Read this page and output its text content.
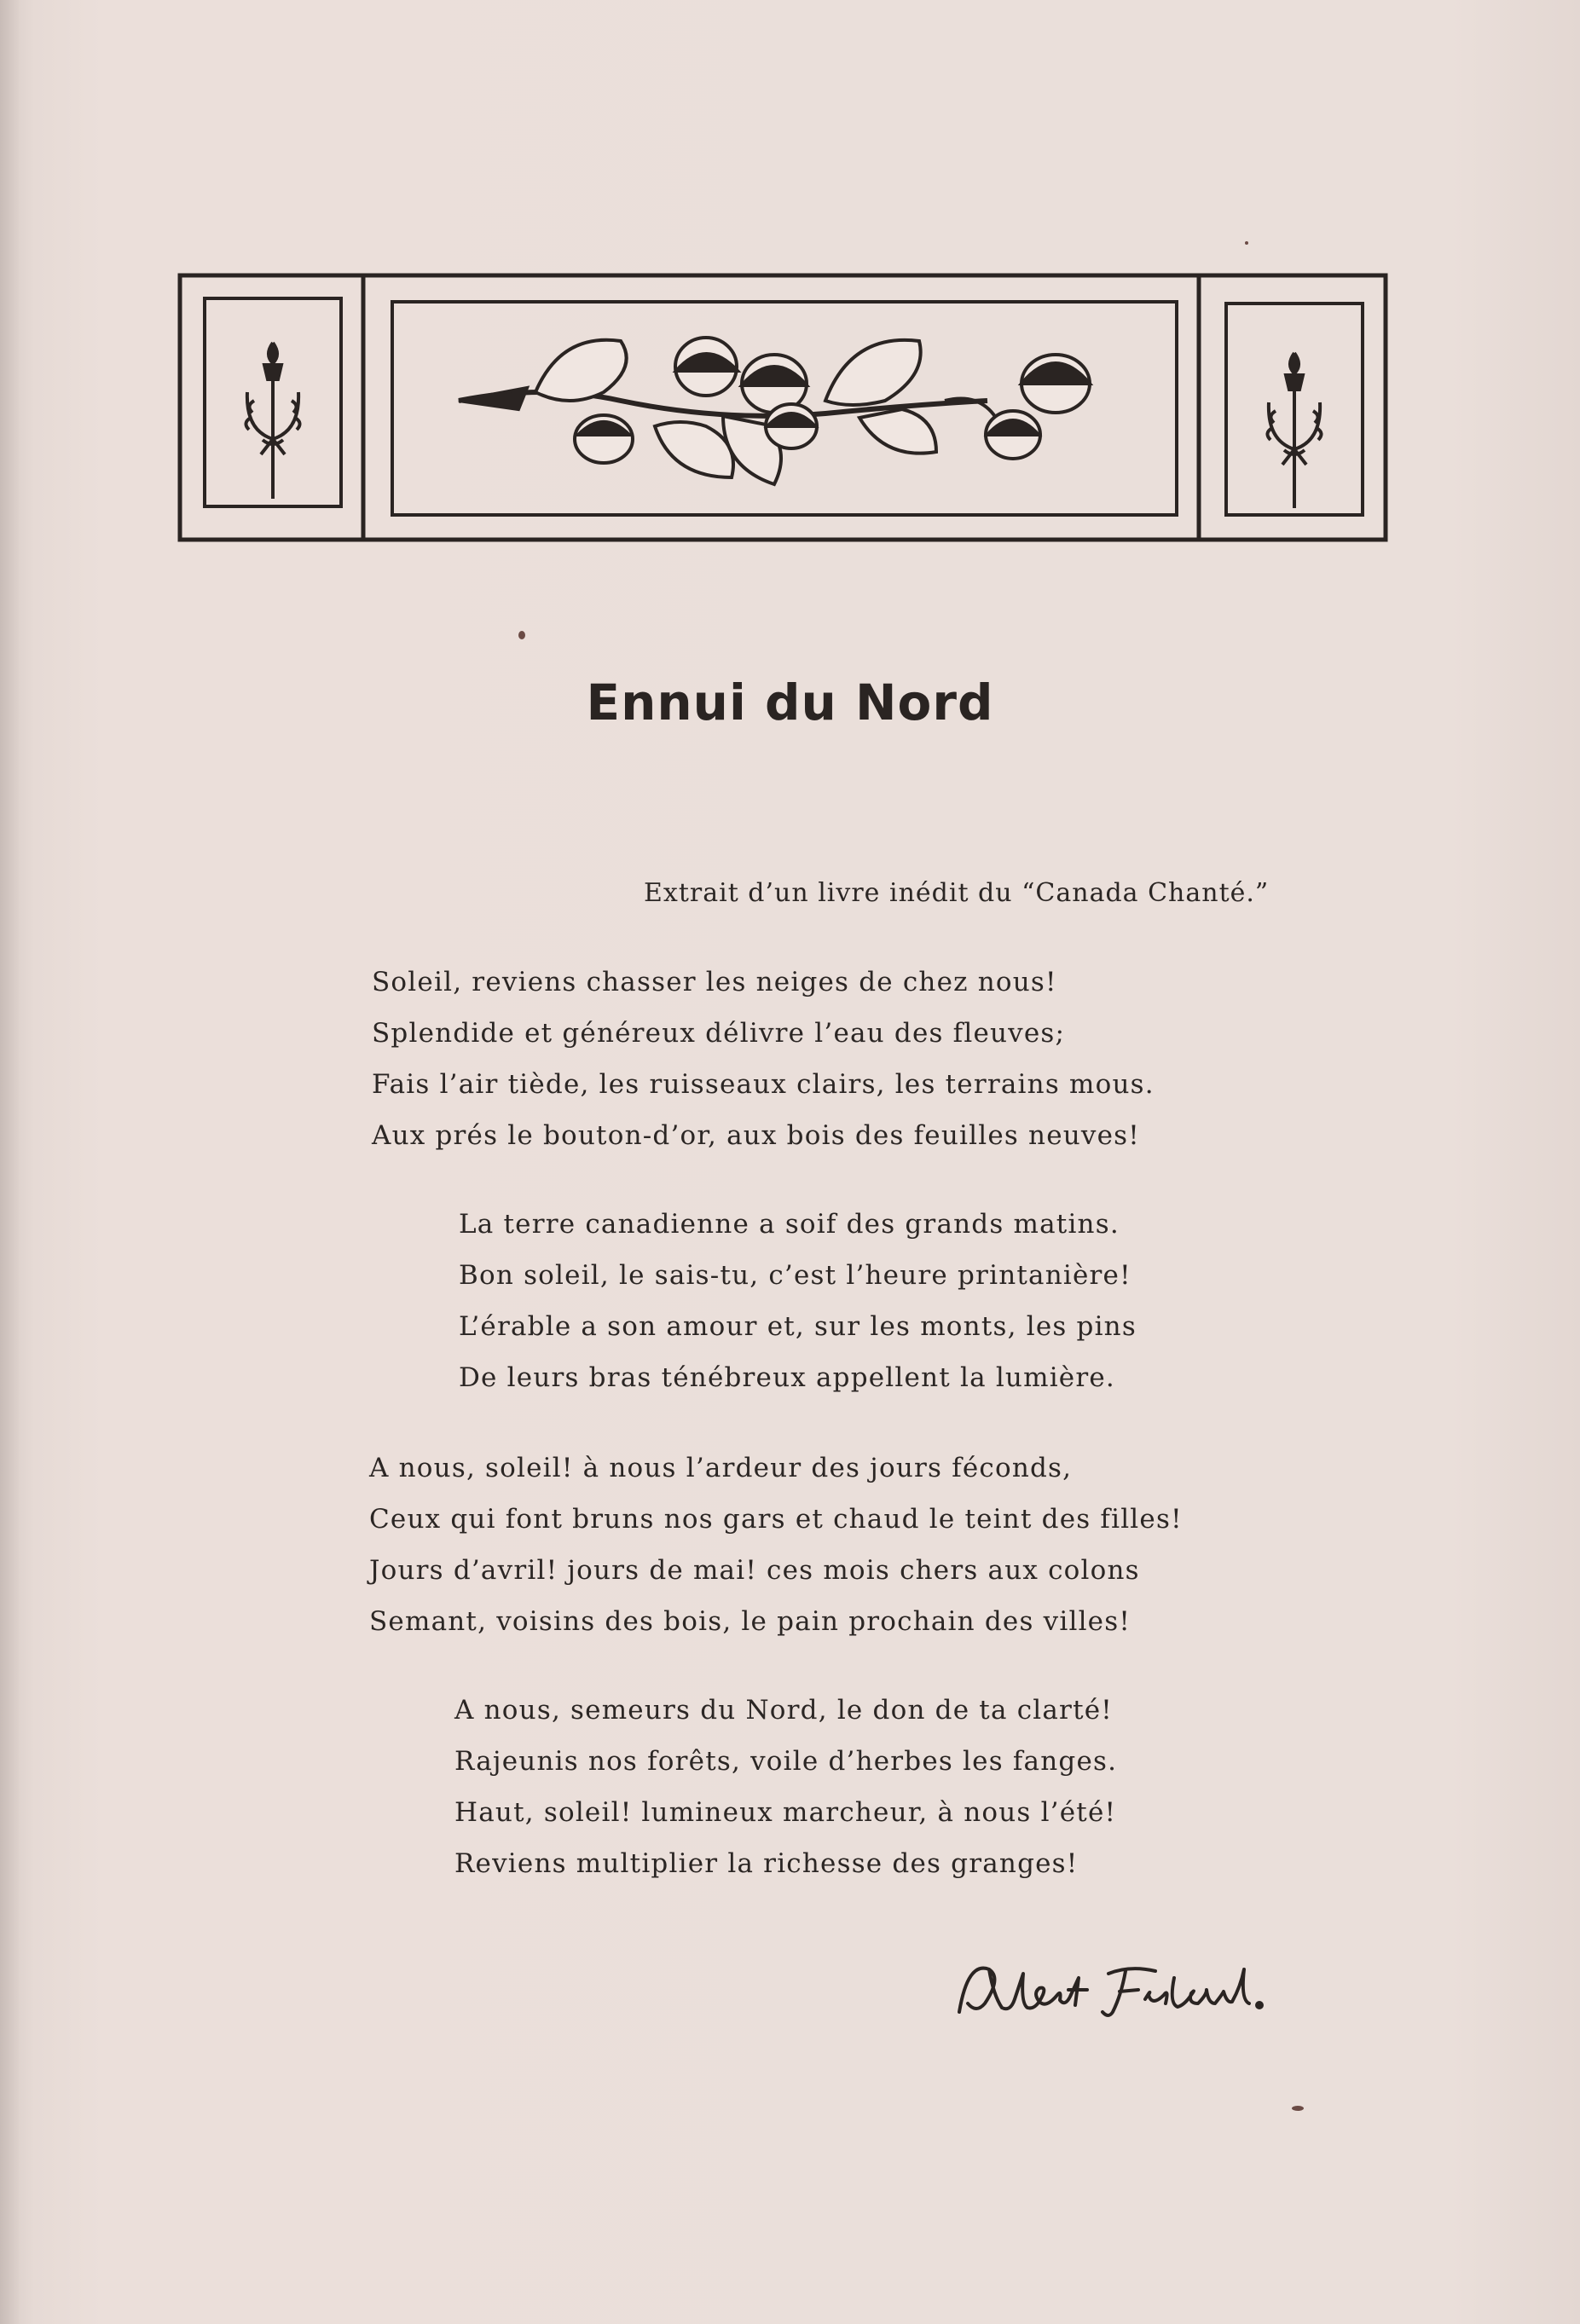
Ennui du Nord
Extrait d’un livre inédit du “Canada Chanté.”
Soleil, reviens chasser les neiges de chez nous!
Splendide et généreux délivre l’eau des fleuves;
Fais l’air tiède, les ruisseaux clairs, les terrains mous.
Aux prés le bouton-d’or, aux bois des feuilles neuves!
La terre canadienne a soif des grands matins.
Bon soleil, le sais-tu, c’est l’heure printanière!
L’érable a son amour et, sur les monts, les pins
De leurs bras ténébreux appellent la lumière.
A nous, soleil! à nous l’ardeur des jours féconds,
Ceux qui font bruns nos gars et chaud le teint des filles!
Jours d’avril! jours de mai! ces mois chers aux colons
Semant, voisins des bois, le pain prochain des villes!
A nous, semeurs du Nord, le don de ta clarté!
Rajeunis nos forêts, voile d’herbes les fanges.
Haut, soleil! lumineux marcheur, à nous l’été!
Reviens multiplier la richesse des granges!
